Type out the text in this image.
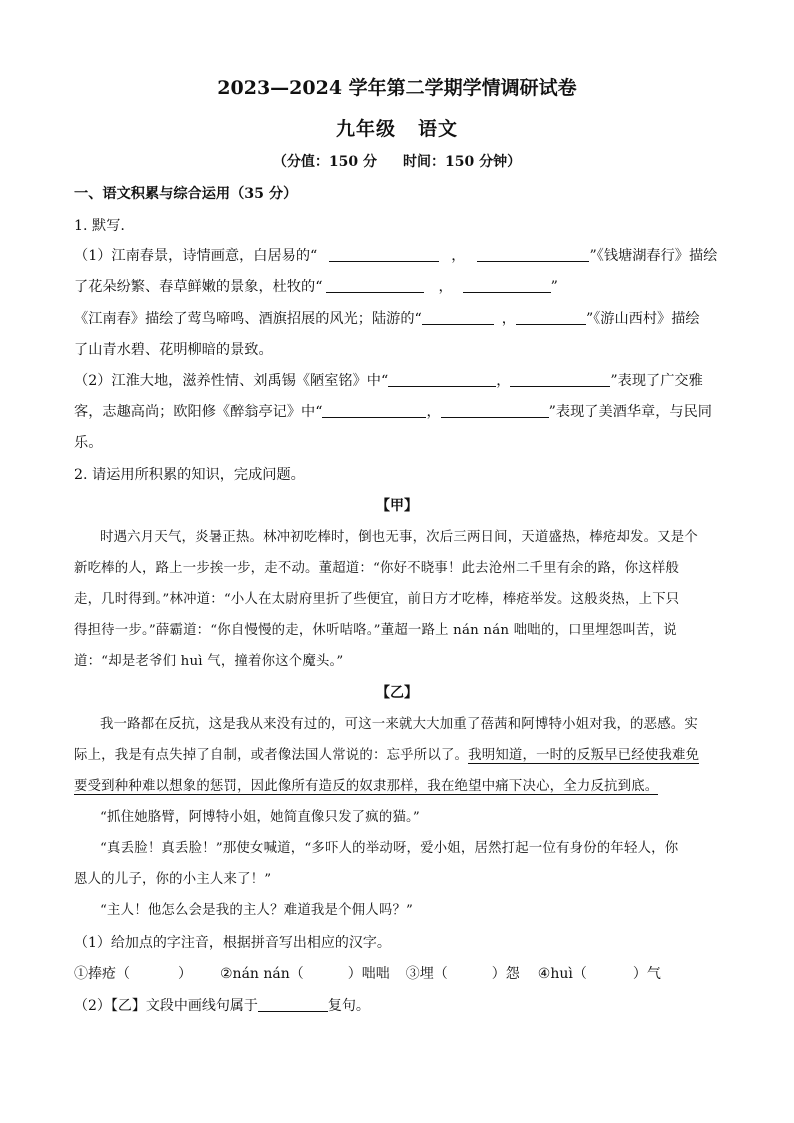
2023—2024 学年第二学期学情调研试卷
九年级 语文
（分值：150 分 时间：150 分钟）
一、语文积累与综合运用（35 分）
1. 默写.
（1）江南春景，诗情画意，白居易的“	，	”《钱塘湖春行》描绘
了花朵纷繁、春草鲜嫩的景象，杜牧的“	，	”
《江南春》描绘了莺鸟啼鸣、酒旗招展的风光；陆游的“	，	”《游山西村》描绘
了山青水碧、花明柳暗的景致。
（2）江淮大地，滋养性情、刘禹锡《陋室铭》中“	，	”表现了广交雅
客，志趣高尚；欧阳修《醉翁亭记》中“	，	”表现了美酒华章，与民同
乐。
2. 请运用所积累的知识，完成问题。
【甲】
时遇六月天气，炎暑正热。林冲初吃棒时，倒也无事，次后三两日间，天道盛热，棒疮却发。又是个
新吃棒的人，路上一步挨一步，走不动。董超道：“你好不晓事！此去沧州二千里有余的路，你这样般
走，几时得到。”林冲道：“小人在太尉府里折了些便宜，前日方才吃棒，棒疮举发。这般炎热，上下只
得担待一步。”薛霸道：“你自慢慢的走，休听咭咯。”董超一路上 nán nán 咄咄的，口里埋怨叫苦，说
道：“却是老爷们 huì 气，撞着你这个魔头。”
【乙】
我一路都在反抗，这是我从来没有过的，可这一来就大大加重了蓓茜和阿博特小姐对我，的恶感。实
际上，我是有点失掉了自制，或者像法国人常说的：忘乎所以了。我明知道，一时的反叛早已经使我难免
要受到种种难以想象的惩罚，因此像所有造反的奴隶那样，我在绝望中痛下决心，全力反抗到底。
“抓住她胳臂，阿博特小姐，她简直像只发了疯的猫。”
“真丢脸！真丢脸！”那使女喊道，“多吓人的举动呀，爱小姐，居然打起一位有身份的年轻人，你
恩人的儿子，你的小主人来了！”
“主人！他怎么会是我的主人？难道我是个佣人吗？”
（1）给加点的字注音，根据拼音写出相应的汉字。
①捧疮（	） ②nán nán（	）咄咄 ③埋（	）怨 ④huì（	）气
（2）【乙】文段中画线句属于	复句。
